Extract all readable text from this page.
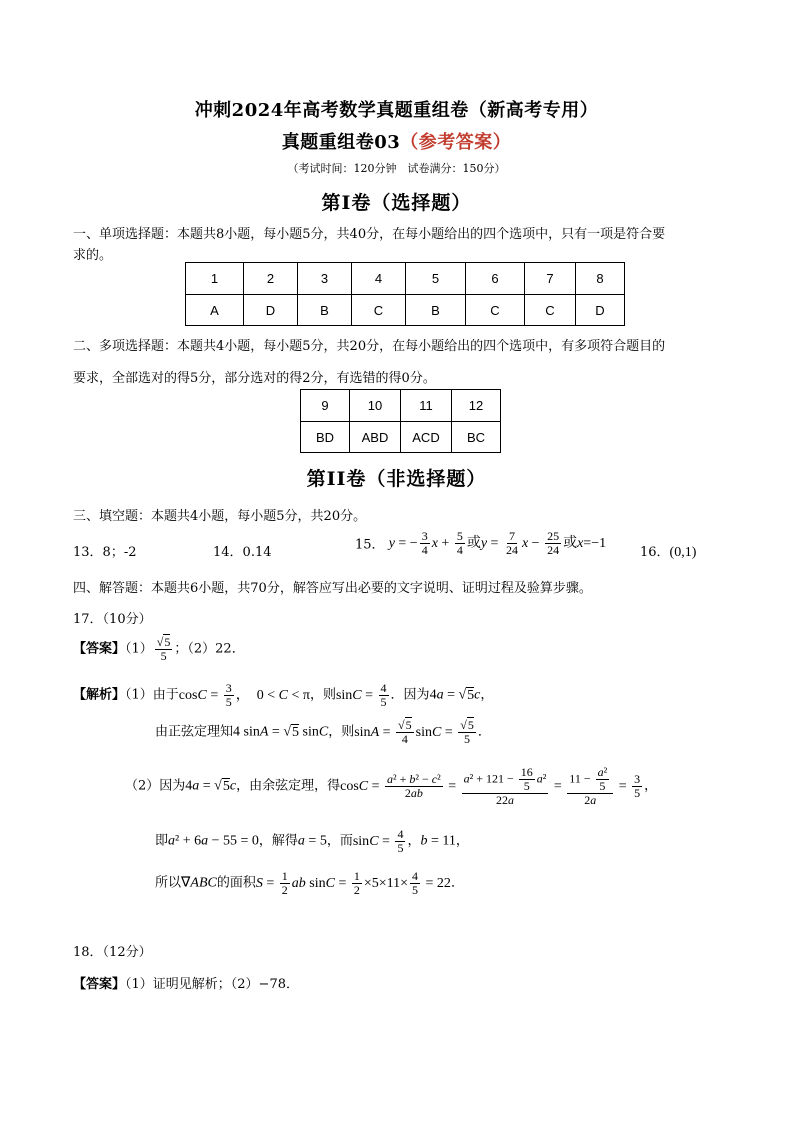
冲刺2024年高考数学真题重组卷（新高考专用）
真题重组卷03（参考答案）
（考试时间：120分钟　试卷满分：150分）
第I卷（选择题）
一、单项选择题：本题共8小题，每小题5分，共40分，在每小题给出的四个选项中，只有一项是符合要
求的。
1	2	3	4	5	6	7	8
A	D	B	C	B	C	C	D
二、多项选择题：本题共4小题，每小题5分，共20分，在每小题给出的四个选项中，有多项符合题目的
要求，全部选对的得5分，部分选对的得2分，有选错的得0分。
9	10	11	12
BD	ABD	ACD	BC
第II卷（非选择题）
三、填空题：本题共4小题，每小题5分，共20分。
13．8；-2	14．0.14	15． y = − $\frac{3}{4}$ $x + \frac{5}{4}$ 或$y = \frac{7}{24}$ $x - \frac{25}{24}$ 或x=−1
16．(0,1)
四、解答题：本题共6小题，共70分，解答应写出必要的文字说明、证明过程及验算步骤。
17．（10分）
【答案】$(1) \frac{√5}{5}$ ；（2）22．
【解析】（1）由于$\cos C = \frac{3}{5}$ ，　0 < C < π，则$\sin C = \frac{4}{5}$ ．因为4a = √5c，
由正弦定理知4 sinA = √5 sinC，则$\sin A = \frac{√5}{4}$ $\sin C = \frac{√5}{5}$ ．
（2）因为4a = √5c，由余弦定理，得$\cos C = \frac{\text{a² + b² − c²}}{2ab} = \frac{a^2 + 121 - \frac{16}{5} a^2}{22a} = \frac{11 - \frac{\text{a²}}{5}}{2a} = \frac{3}{5}$ ，
即a² + 6a − 55 = 0，解得a = 5，而$\sin C = \frac{4}{5}$ ，b = 11，
所以∇ABC的面积$S = \frac{1}{2}$ ab $\sin C = \frac{1}{2} \times 5\times 11\times \frac{4}{5} = 22$．
18．（12分）
【答案】（1）证明见解析；（2）−78．
